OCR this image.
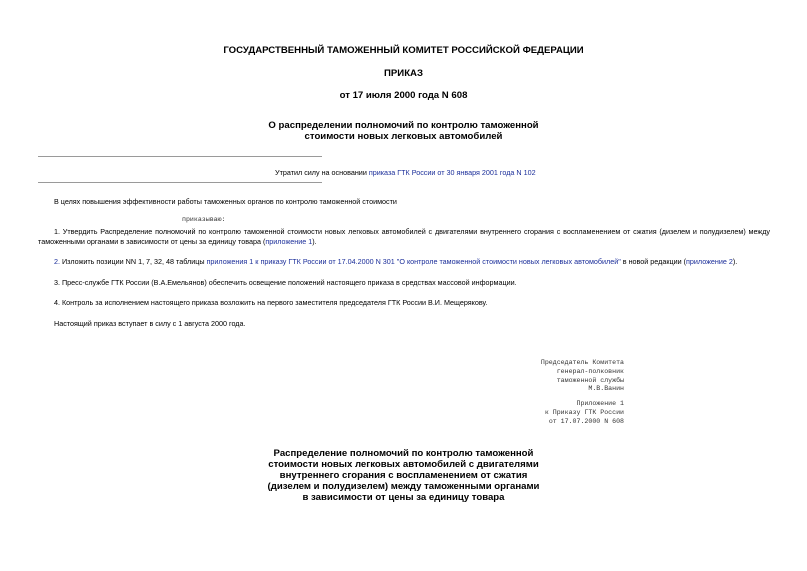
ГОСУДАРСТВЕННЫЙ ТАМОЖЕННЫЙ КОМИТЕТ РОССИЙСКОЙ ФЕДЕРАЦИИ
ПРИКАЗ
от 17 июля 2000 года N 608
О распределении полномочий по контролю таможенной
стоимости новых легковых автомобилей
Утратил силу на основании приказа ГТК России от 30 января 2001 года N 102
В целях повышения эффективности работы таможенных органов по контролю таможенной стоимости
приказываю:
1. Утвердить Распределение полномочий по контролю таможенной стоимости новых легковых автомобилей с двигателями внутреннего сгорания с воспламенением от сжатия (дизелем и полудизелем) между таможенными органами в зависимости от цены за единицу товара (приложение 1).
2. Изложить позиции NN 1, 7, 32, 48 таблицы приложения 1 к приказу ГТК России от 17.04.2000 N 301 "О контроле таможенной стоимости новых легковых автомобилей" в новой редакции (приложение 2).
3. Пресс-службе ГТК России (В.А.Емельянов) обеспечить освещение положений настоящего приказа в средствах массовой информации.
4. Контроль за исполнением настоящего приказа возложить на первого заместителя председателя ГТК России В.И. Мещерякову.
Настоящий приказ вступает в силу с 1 августа 2000 года.
Председатель Комитета
генерал-полковник
таможенной службы
М.В.Ванин
Приложение 1
к Приказу ГТК России
от 17.07.2000 N 608
Распределение полномочий по контролю таможенной
стоимости новых легковых автомобилей с двигателями
внутреннего сгорания с воспламенением от сжатия
(дизелем и полудизелем) между таможенными органами
в зависимости от цены за единицу товара
